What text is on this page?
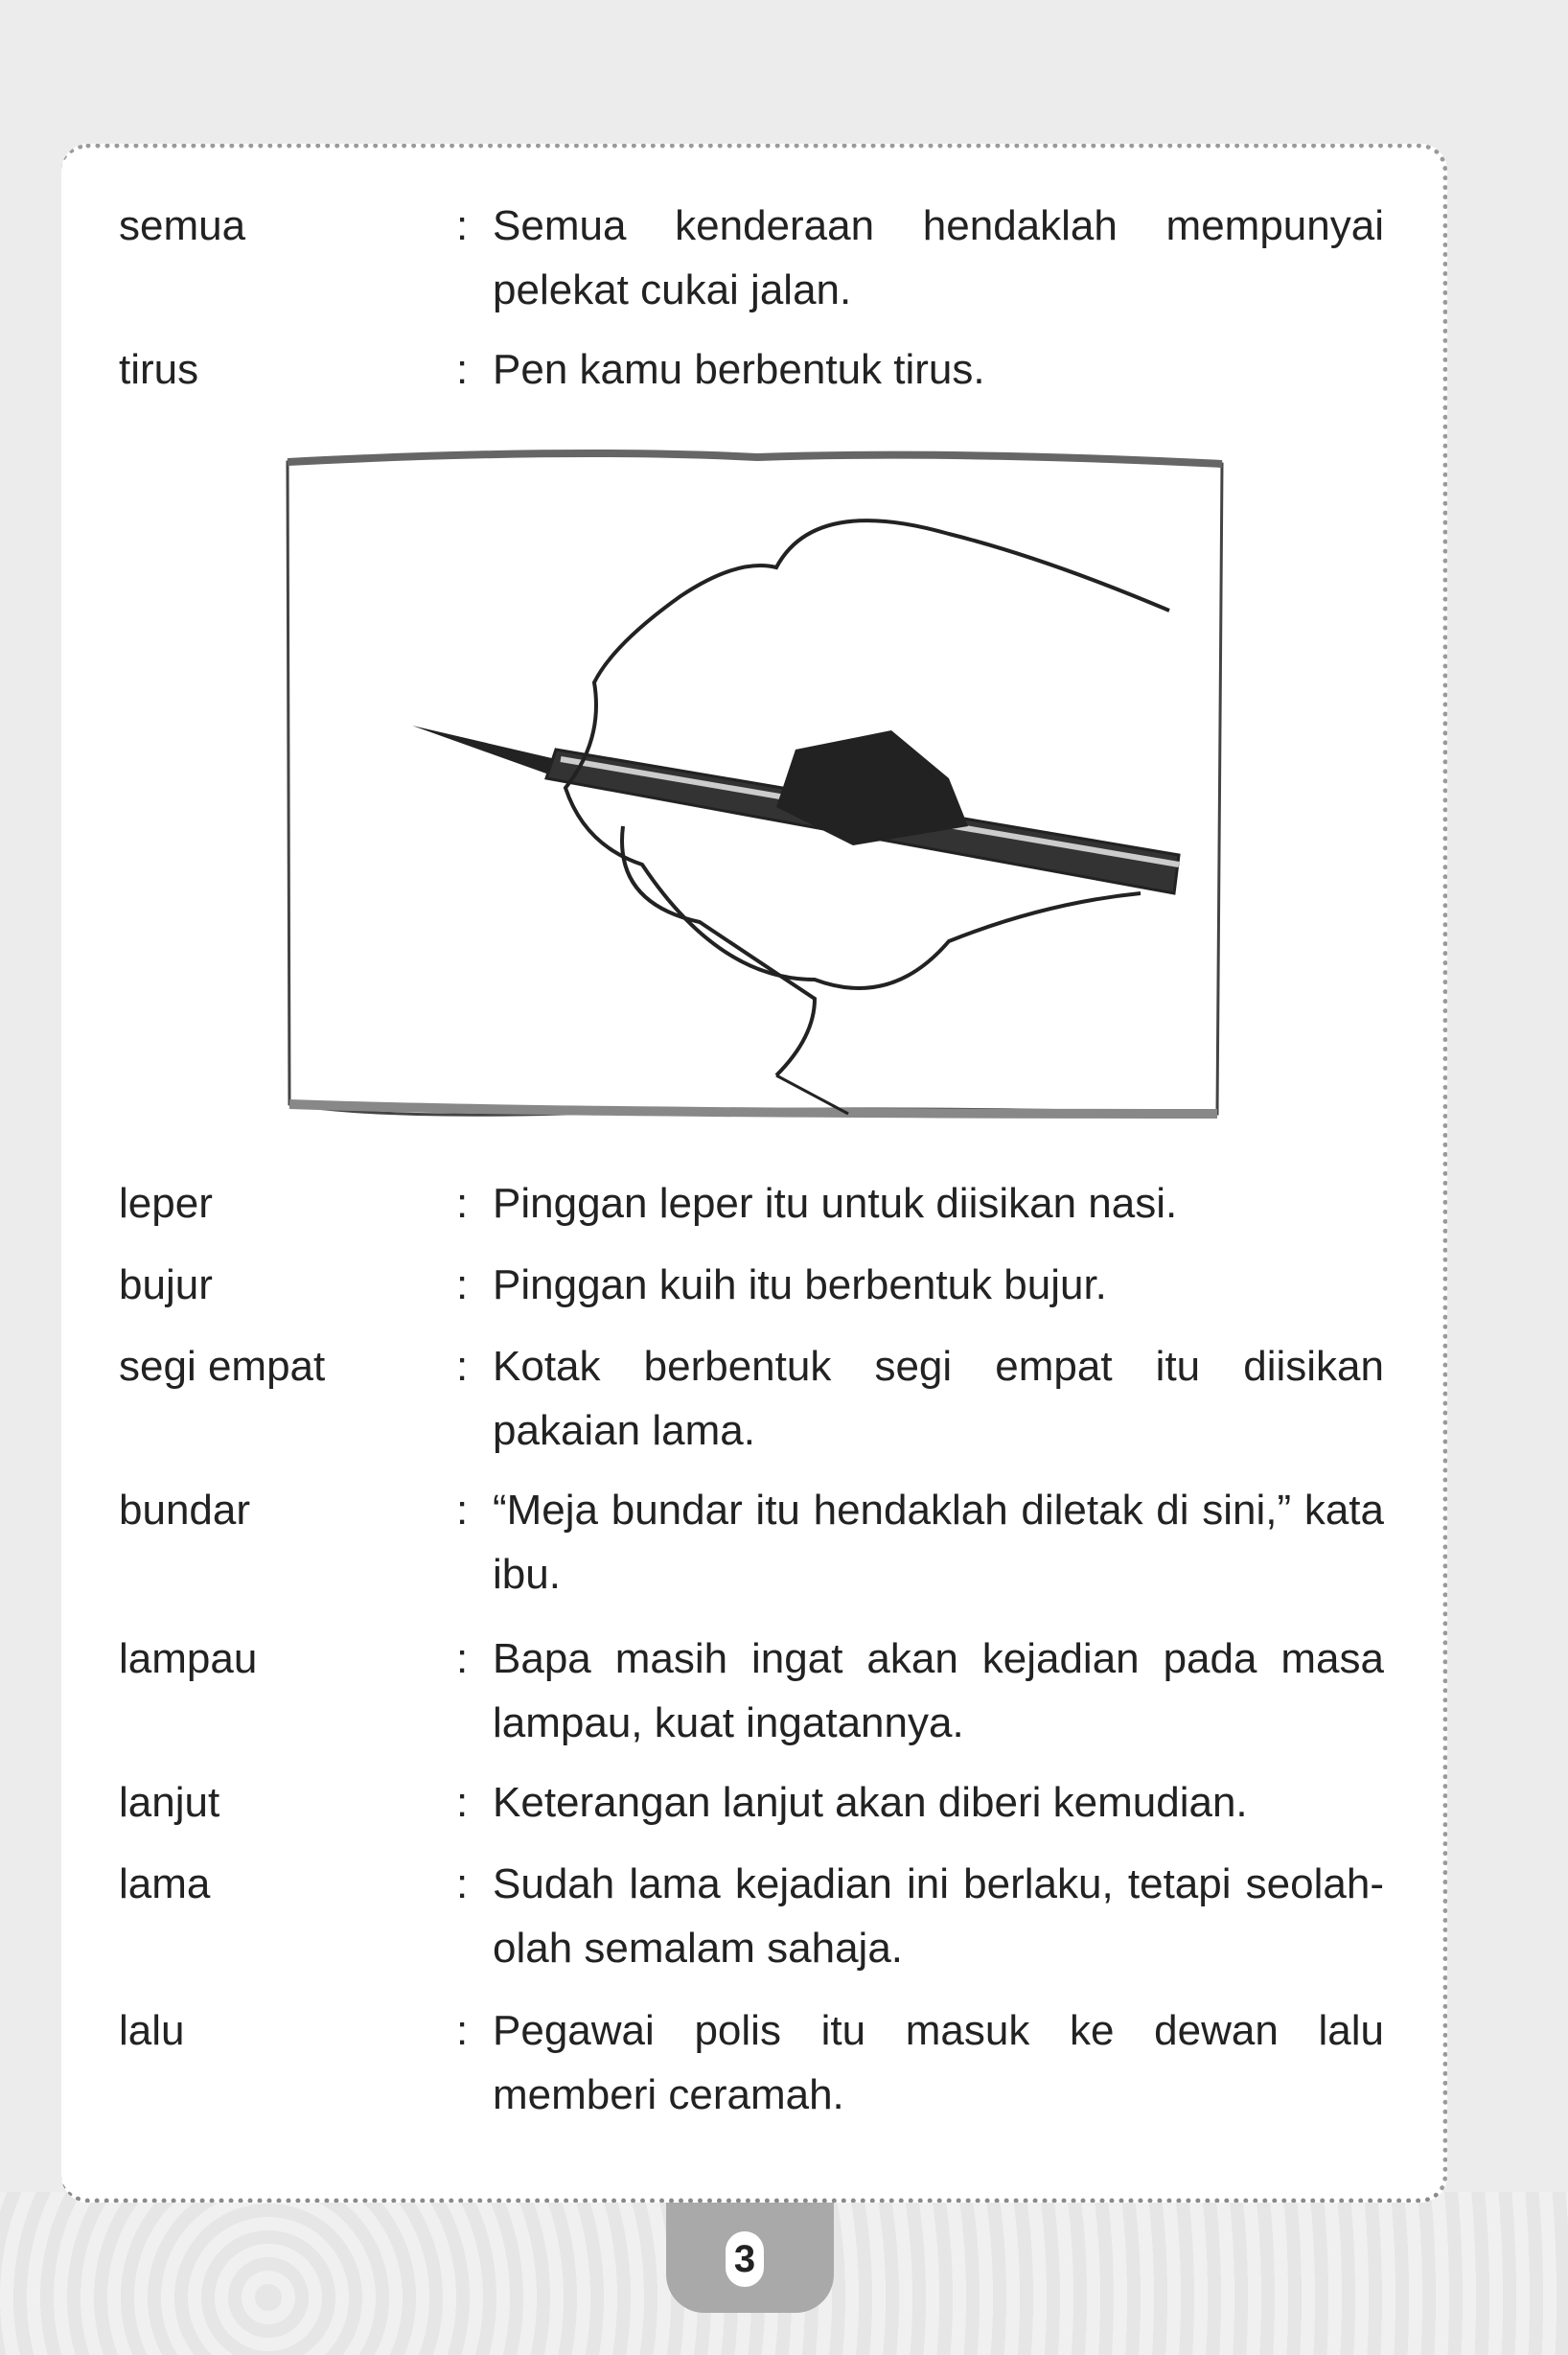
semua	: Semua kenderaan hendaklah mempunyai pelekat cukai jalan.
tirus	: Pen kamu berbentuk tirus.
leper	: Pinggan leper itu untuk diisikan nasi.
bujur	: Pinggan kuih itu berbentuk bujur.
segi empat	: Kotak berbentuk segi empat itu diisikan pakaian lama.
bundar	: “Meja bundar itu hendaklah diletak di sini,” kata ibu.
lampau	: Bapa masih ingat akan kejadian pada masa lampau, kuat ingatannya.
lanjut	: Keterangan lanjut akan diberi kemudian.
lama	: Sudah lama kejadian ini berlaku, tetapi seolah-olah semalam sahaja.
lalu	: Pegawai polis itu masuk ke dewan lalu memberi ceramah.
3
